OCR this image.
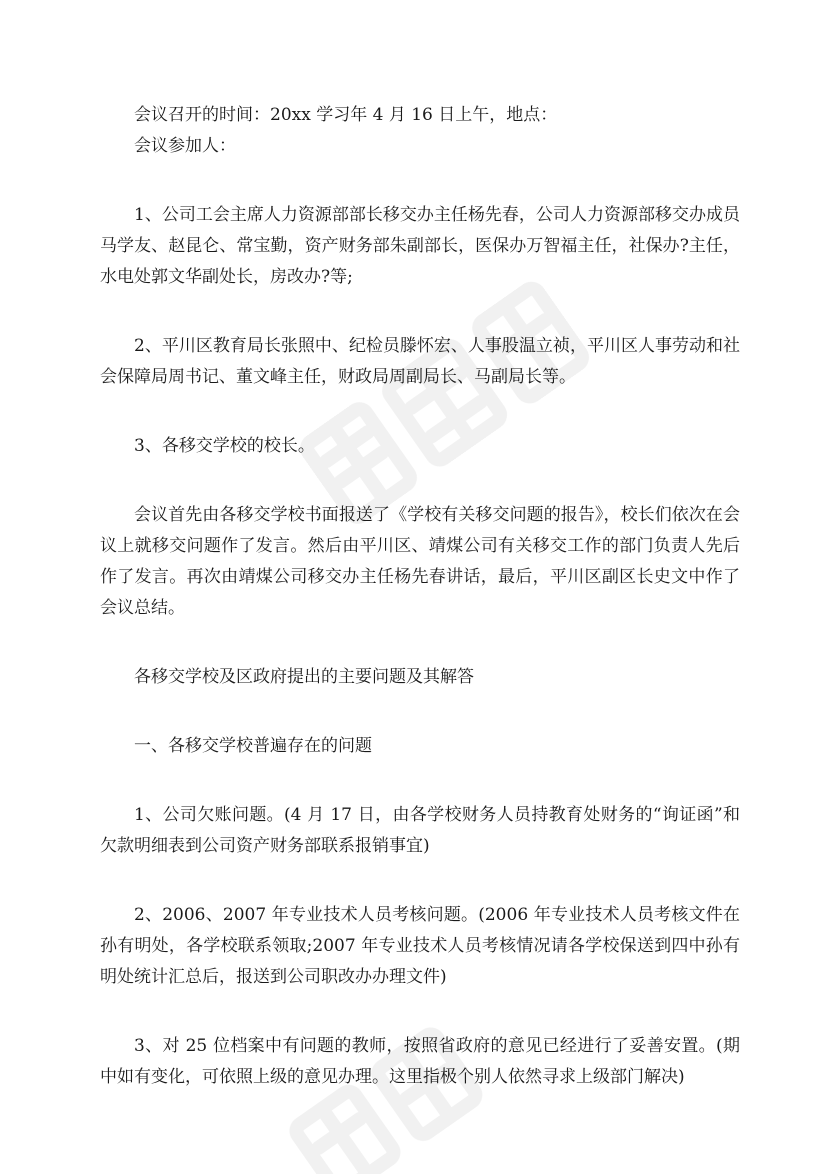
会议召开的时间：20xx 学习年 4 月 16 日上午，地点：

会议参加人：

1、公司工会主席人力资源部部长移交办主任杨先春，公司人力资源部移交办成员马学友、赵昆仑、常宝勤，资产财务部朱副部长，医保办万智福主任，社保办?主任，水电处郭文华副处长，房改办?等;

2、平川区教育局长张照中、纪检员滕怀宏、人事股温立祯，平川区人事劳动和社会保障局周书记、董文峰主任，财政局周副局长、马副局长等。

3、各移交学校的校长。

会议首先由各移交学校书面报送了《学校有关移交问题的报告》，校长们依次在会议上就移交问题作了发言。然后由平川区、靖煤公司有关移交工作的部门负责人先后作了发言。再次由靖煤公司移交办主任杨先春讲话，最后，平川区副区长史文中作了会议总结。

各移交学校及区政府提出的主要问题及其解答

一、各移交学校普遍存在的问题

1、公司欠账问题。(4 月 17 日，由各学校财务人员持教育处财务的“询证函”和欠款明细表到公司资产财务部联系报销事宜)

2、2006、2007 年专业技术人员考核问题。(2006 年专业技术人员考核文件在孙有明处，各学校联系领取;2007 年专业技术人员考核情况请各学校保送到四中孙有明处统计汇总后，报送到公司职改办办理文件)

3、对 25 位档案中有问题的教师，按照省政府的意见已经进行了妥善安置。(期中如有变化，可依照上级的意见办理。这里指极个别人依然寻求上级部门解决)
